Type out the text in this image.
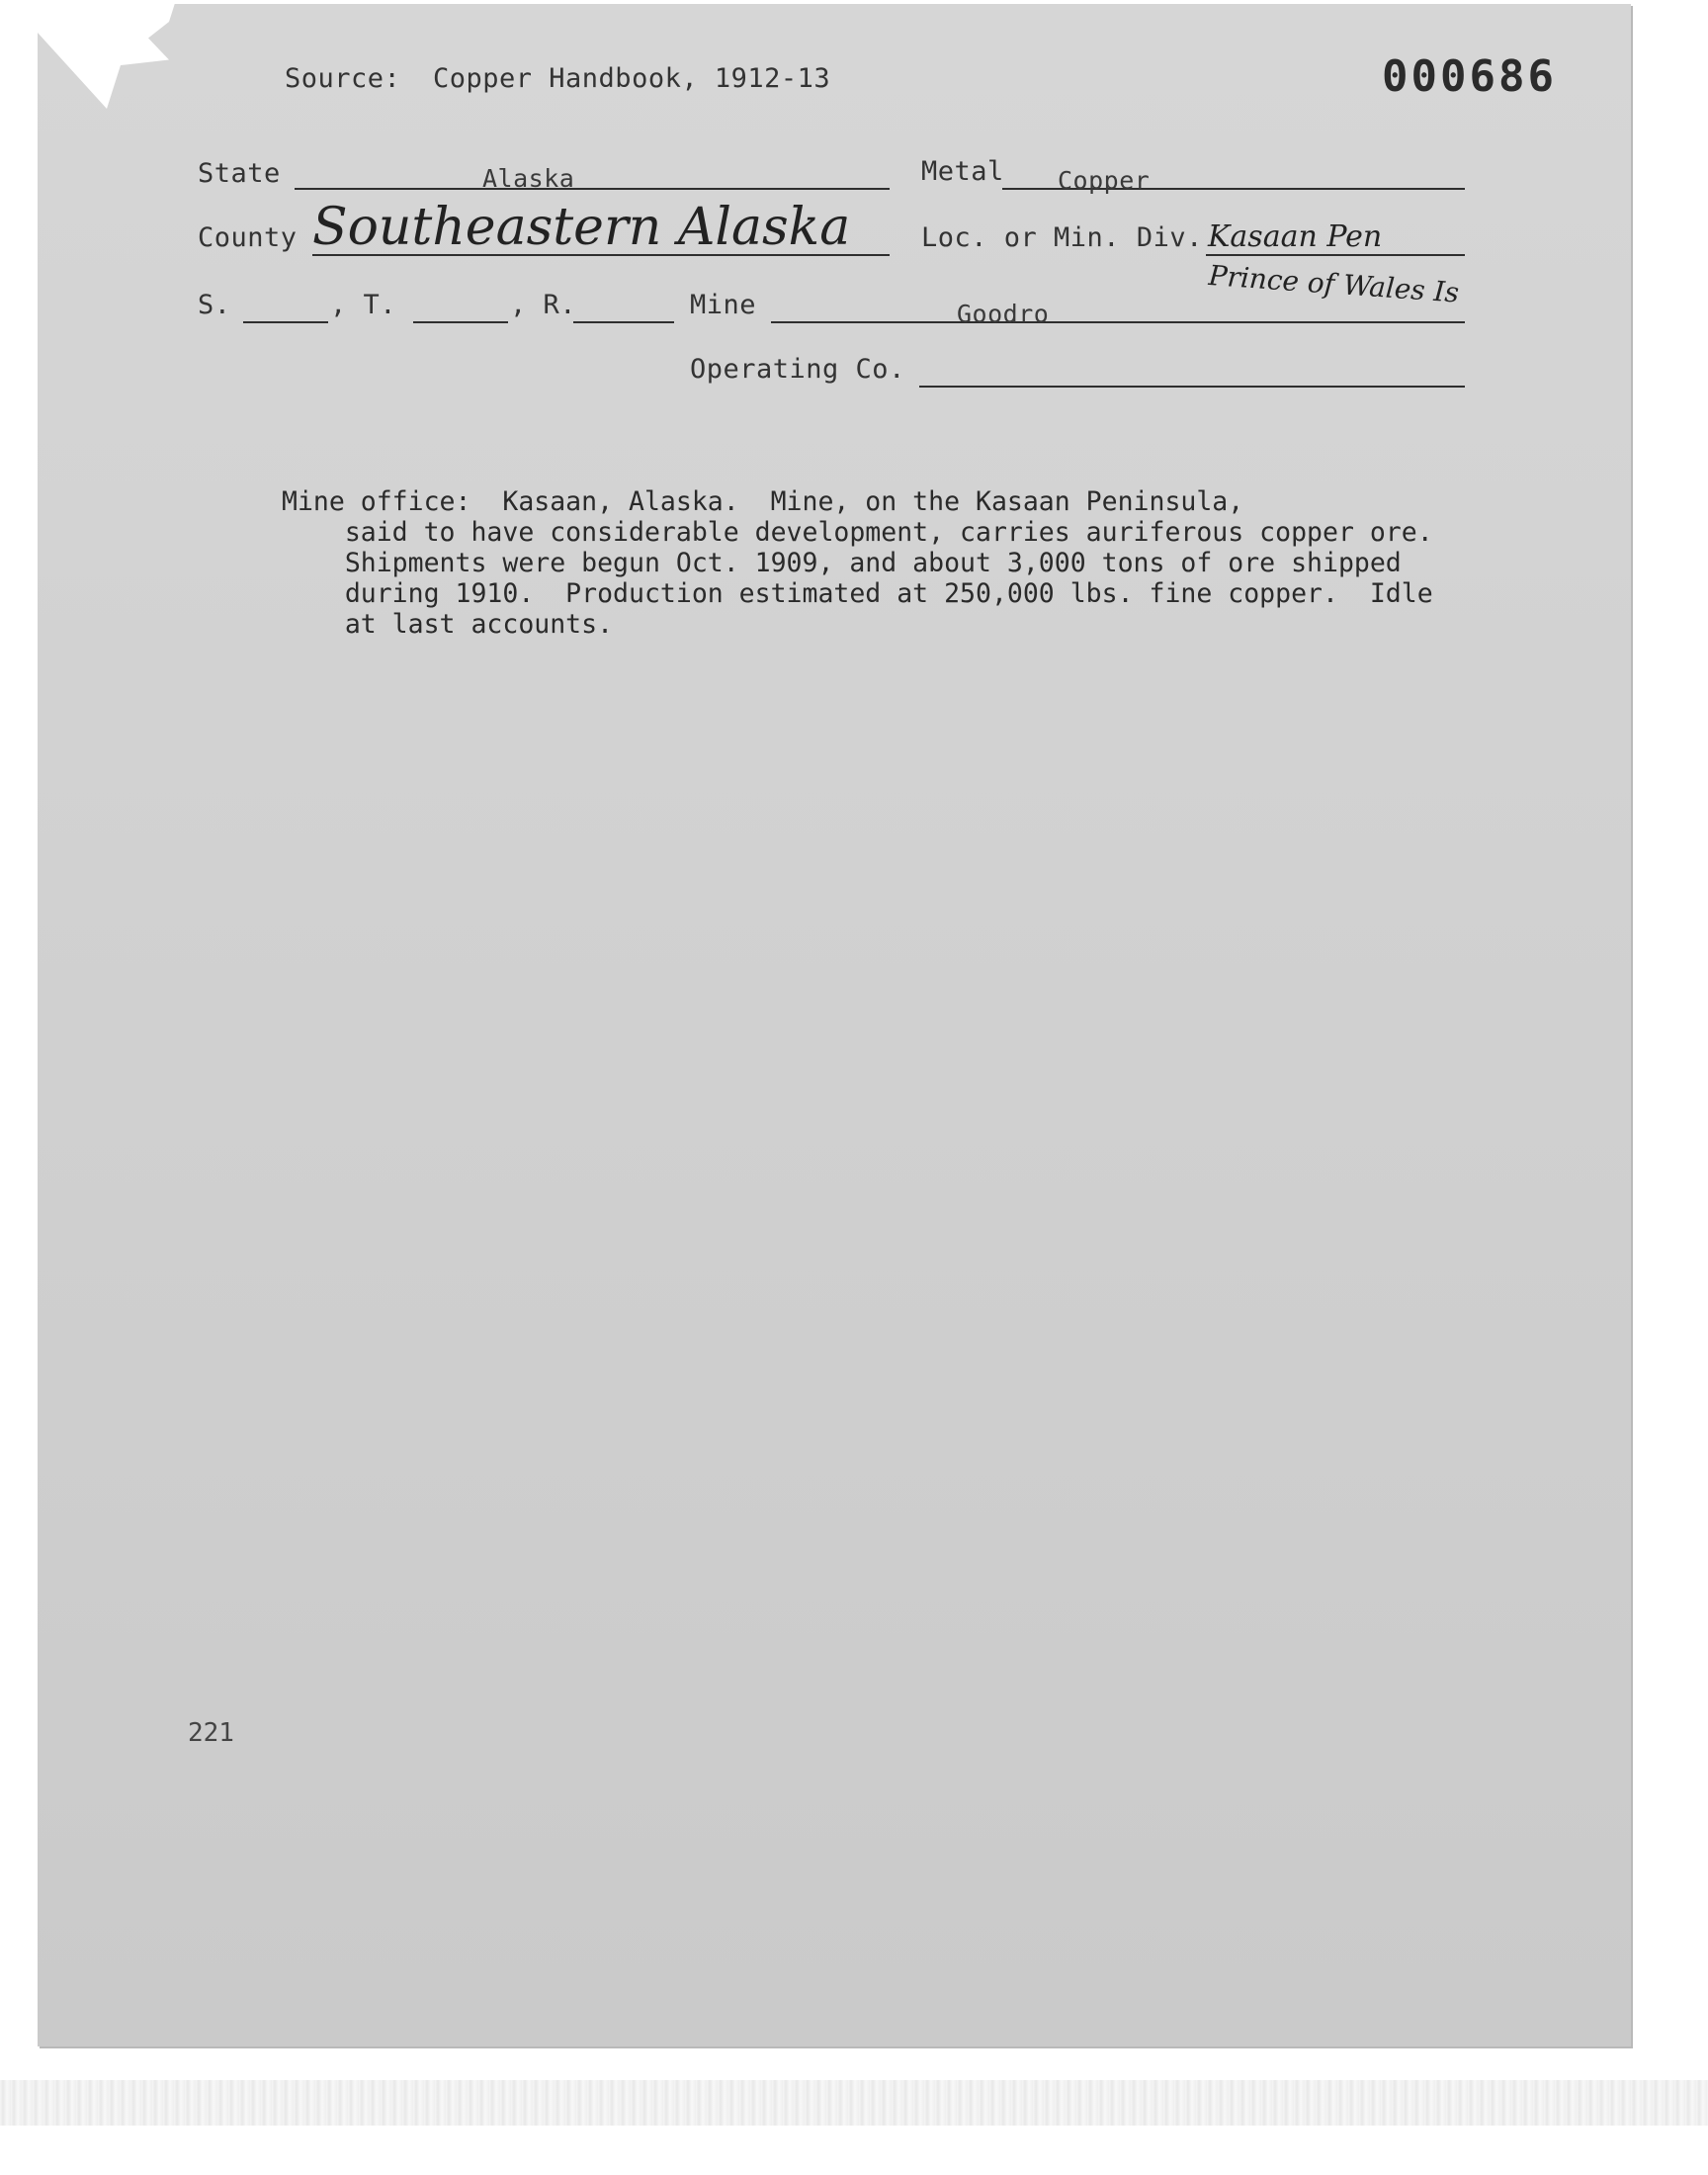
Source: Copper Handbook, 1912-13	000686
State	Alaska	Metal Copper
County Southeastern Alaska	Loc. or Min. Div. Kasaan Pen
Prince of Wales Is
S.	, T.	, R.	Mine	Goodro
Operating Co.
Mine office:  Kasaan, Alaska.  Mine, on the Kasaan Peninsula,
said to have considerable development, carries auriferous copper ore.
Shipments were begun Oct. 1909, and about 3,000 tons of ore shipped
during 1910.  Production estimated at 250,000 lbs. fine copper.  Idle
at last accounts.
221
